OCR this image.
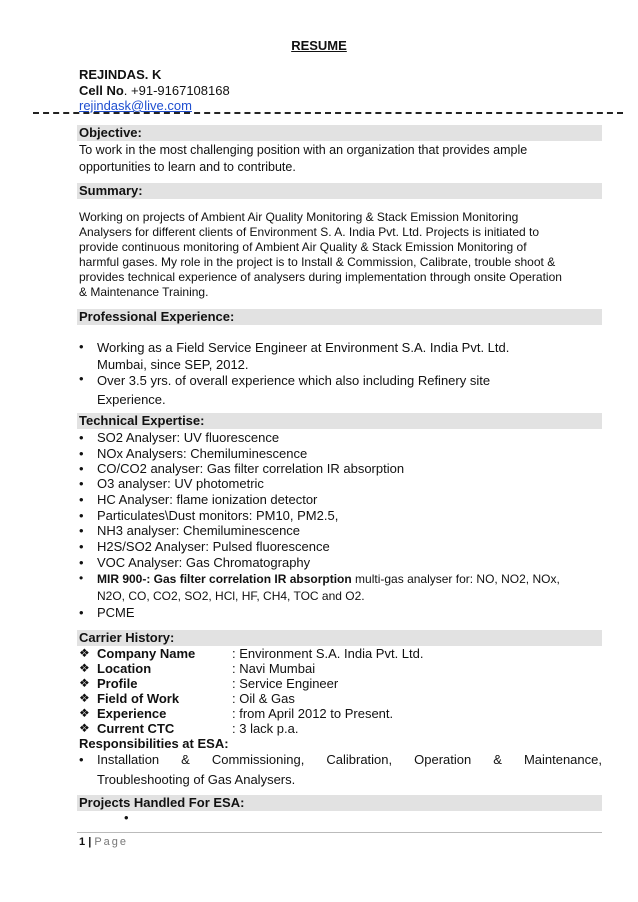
RESUME
REJINDAS. K
Cell No. +91-9167108168
rejindask@live.com
Objective:
To work in the most challenging position with an organization that provides ample
opportunities to learn and to contribute.
Summary:
Working on projects of Ambient Air Quality Monitoring & Stack Emission Monitoring
Analysers for different clients of Environment S. A. India Pvt. Ltd. Projects is initiated to
provide continuous monitoring of Ambient Air Quality & Stack Emission Monitoring of
harmful gases. My role in the project is to Install & Commission, Calibrate, trouble shoot &
provides technical experience of analysers during implementation through onsite Operation
& Maintenance Training.
Professional Experience:
•	Working as a Field Service Engineer at Environment S.A. India Pvt. Ltd.
Mumbai, since SEP, 2012.
•	Over 3.5 yrs. of overall experience which also including Refinery site
Experience.
Technical Expertise:
•	SO2 Analyser: UV fluorescence
•	NOx Analysers: Chemiluminescence
•	CO/CO2 analyser: Gas filter correlation IR absorption
•	O3 analyser: UV photometric
•	HC Analyser: flame ionization detector
•	Particulates\Dust monitors: PM10, PM2.5,
•	NH3 analyser: Chemiluminescence
•	H2S/SO2 Analyser: Pulsed fluorescence
•	VOC Analyser: Gas Chromatography
•	MIR 900-: Gas filter correlation IR absorption multi-gas analyser for: NO, NO2, NOx,
N2O, CO, CO2, SO2, HCl, HF, CH4, TOC and O2.
•	PCME
Carrier History:
❖ Company Name	: Environment S.A. India Pvt. Ltd.
❖ Location	: Navi Mumbai
❖ Profile	: Service Engineer
❖ Field of Work	: Oil & Gas
❖ Experience	: from April 2012 to Present.
❖ Current CTC	: 3 lack p.a.
Responsibilities at ESA:
•	Installation & Commissioning, Calibration, Operation & Maintenance,
Troubleshooting of Gas Analysers.
Projects Handled For ESA:
•
1 | Page
